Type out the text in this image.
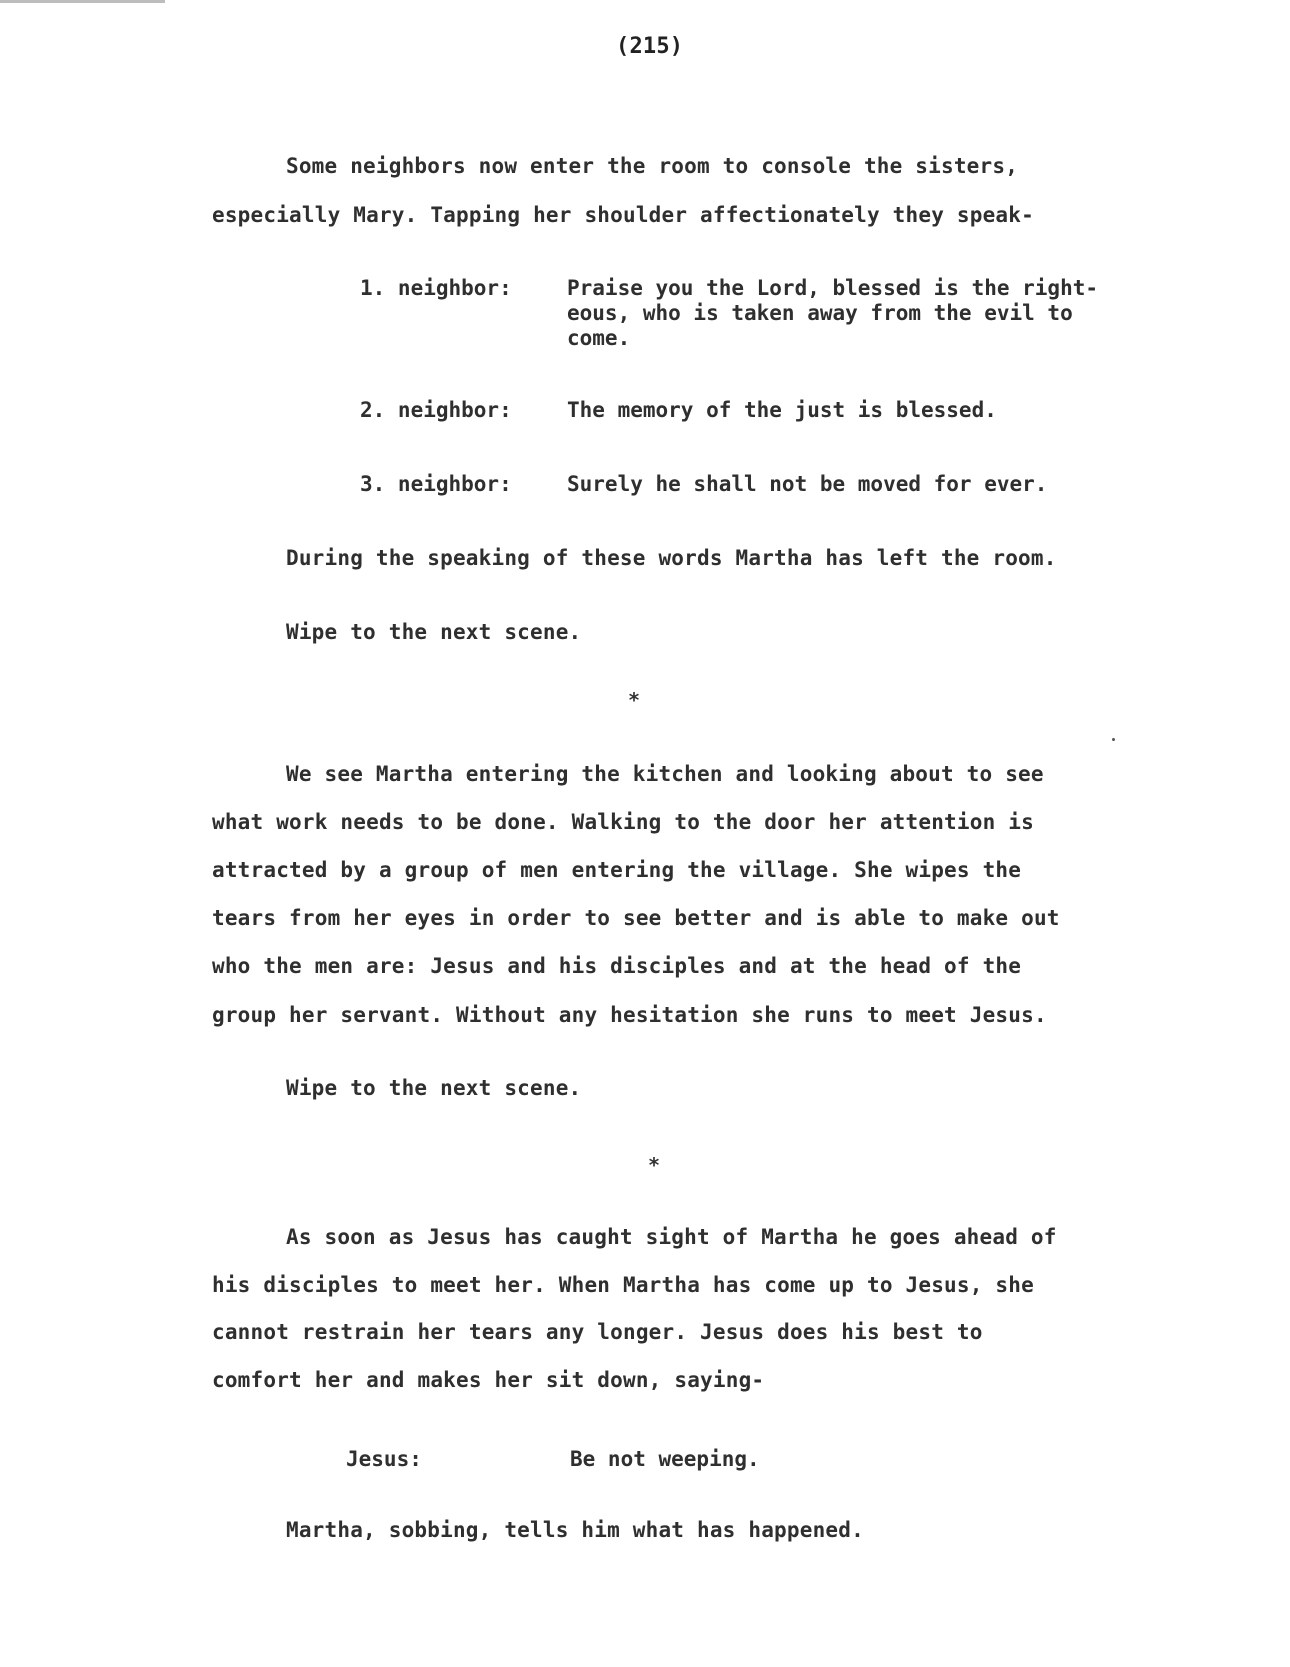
(215)
Some neighbors now enter the room to console the sisters,
especially Mary. Tapping her shoulder affectionately they speak-
1. neighbor:	Praise you the Lord, blessed is the right-
eous, who is taken away from the evil to
come.
2. neighbor:	The memory of the just is blessed.
3. neighbor:	Surely he shall not be moved for ever.
During the speaking of these words Martha has left the room.
Wipe to the next scene.
*
We see Martha entering the kitchen and looking about to see
what work needs to be done. Walking to the door her attention is
attracted by a group of men entering the village. She wipes the
tears from her eyes in order to see better and is able to make out
who the men are: Jesus and his disciples and at the head of the
group her servant. Without any hesitation she runs to meet Jesus.
Wipe to the next scene.
*
As soon as Jesus has caught sight of Martha he goes ahead of
his disciples to meet her. When Martha has come up to Jesus, she
cannot restrain her tears any longer. Jesus does his best to
comfort her and makes her sit down, saying-
Jesus:	Be not weeping.
Martha, sobbing, tells him what has happened.
